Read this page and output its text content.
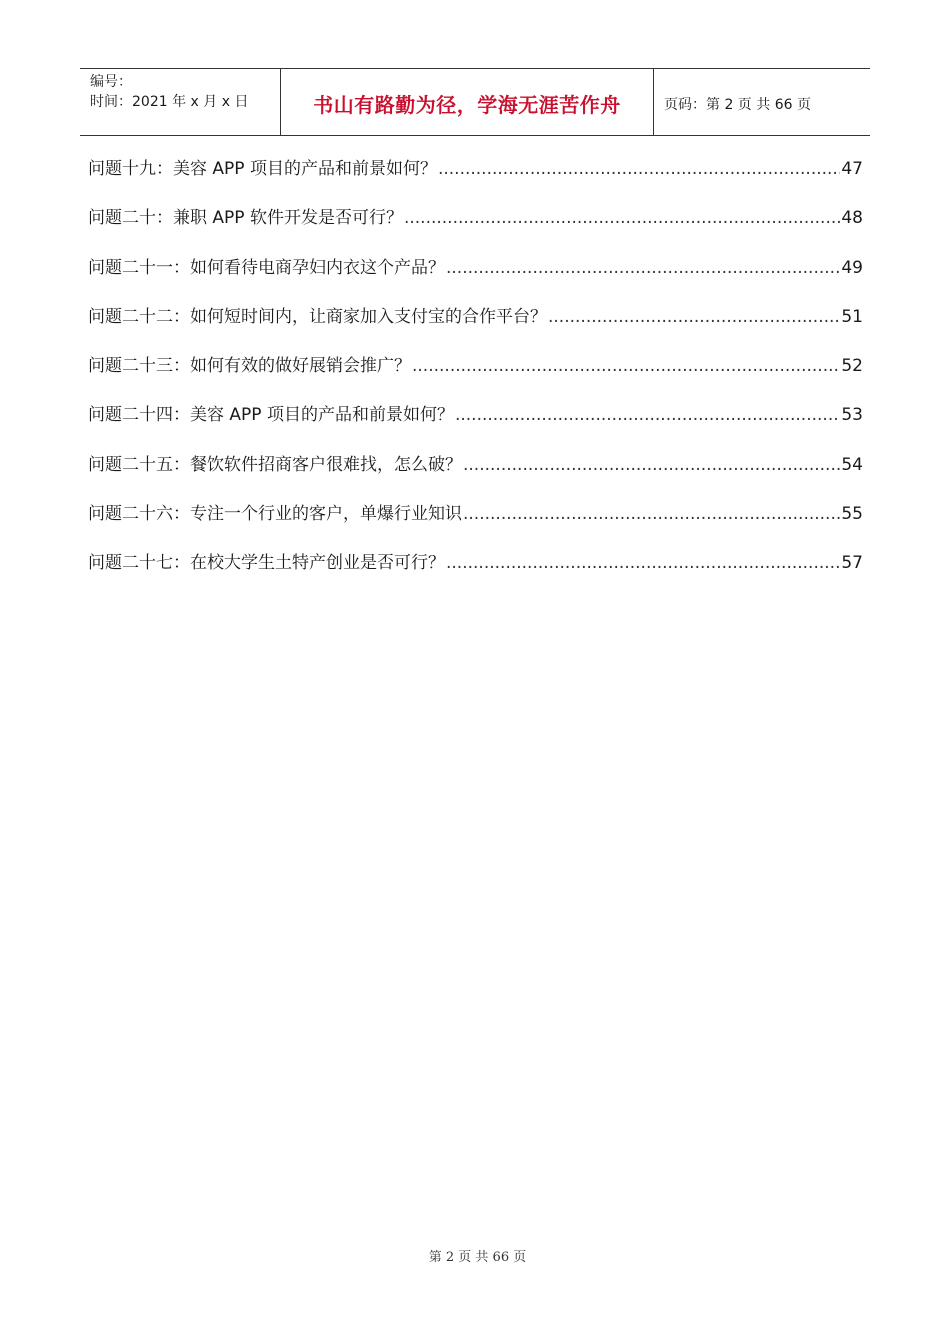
编号：
时间：2021 年 x 月 x 日	书山有路勤为径，学海无涯苦作舟	页码：第 2 页 共 66 页
问题十九：美容 APP 项目的产品和前景如何？ .....	47
问题二十：兼职 APP 软件开发是否可行？ .....	48
问题二十一：如何看待电商孕妇内衣这个产品？ .....	49
问题二十二：如何短时间内，让商家加入支付宝的合作平台？ .....	51
问题二十三：如何有效的做好展销会推广？ .....	52
问题二十四：美容 APP 项目的产品和前景如何？ .....	53
问题二十五：餐饮软件招商客户很难找，怎么破？ .....	54
问题二十六：专注一个行业的客户，单爆行业知识 .....	55
问题二十七：在校大学生土特产创业是否可行？ .....	57
第 2 页 共 66 页
